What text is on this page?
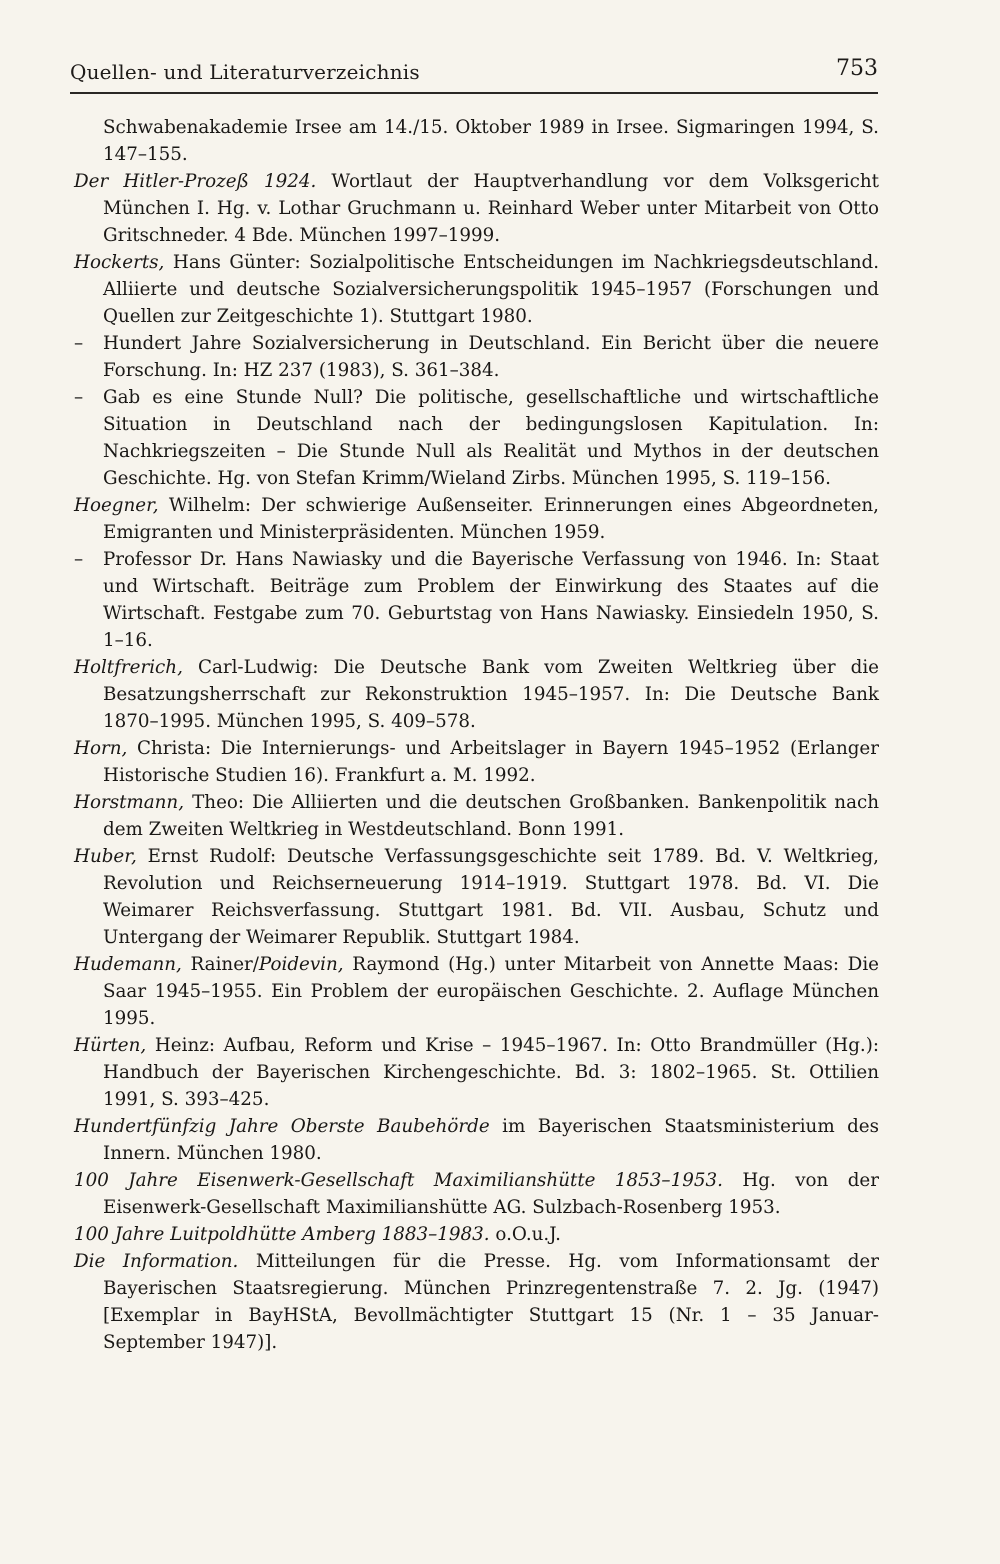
Quellen- und Literaturverzeichnis	753

Schwabenakademie Irsee am 14./15. Oktober 1989 in Irsee. Sigmaringen 1994, S. 147–155.

Der Hitler-Prozeß 1924. Wortlaut der Hauptverhandlung vor dem Volksgericht München I. Hg. v. Lothar Gruchmann u. Reinhard Weber unter Mitarbeit von Otto Gritschneder. 4 Bde. München 1997–1999.

Hockerts, Hans Günter: Sozialpolitische Entscheidungen im Nachkriegsdeutschland. Alliierte und deutsche Sozialversicherungspolitik 1945–1957 (Forschungen und Quellen zur Zeitgeschichte 1). Stuttgart 1980.

– Hundert Jahre Sozialversicherung in Deutschland. Ein Bericht über die neuere Forschung. In: HZ 237 (1983), S. 361–384.

– Gab es eine Stunde Null? Die politische, gesellschaftliche und wirtschaftliche Situation in Deutschland nach der bedingungslosen Kapitulation. In: Nachkriegszeiten – Die Stunde Null als Realität und Mythos in der deutschen Geschichte. Hg. von Stefan Krimm/Wieland Zirbs. München 1995, S. 119–156.

Hoegner, Wilhelm: Der schwierige Außenseiter. Erinnerungen eines Abgeordneten, Emigranten und Ministerpräsidenten. München 1959.

– Professor Dr. Hans Nawiasky und die Bayerische Verfassung von 1946. In: Staat und Wirtschaft. Beiträge zum Problem der Einwirkung des Staates auf die Wirtschaft. Festgabe zum 70. Geburtstag von Hans Nawiasky. Einsiedeln 1950, S. 1–16.

Holtfrerich, Carl-Ludwig: Die Deutsche Bank vom Zweiten Weltkrieg über die Besatzungsherrschaft zur Rekonstruktion 1945–1957. In: Die Deutsche Bank 1870–1995. München 1995, S. 409–578.

Horn, Christa: Die Internierungs- und Arbeitslager in Bayern 1945–1952 (Erlanger Historische Studien 16). Frankfurt a. M. 1992.

Horstmann, Theo: Die Alliierten und die deutschen Großbanken. Bankenpolitik nach dem Zweiten Weltkrieg in Westdeutschland. Bonn 1991.

Huber, Ernst Rudolf: Deutsche Verfassungsgeschichte seit 1789. Bd. V. Weltkrieg, Revolution und Reichserneuerung 1914–1919. Stuttgart 1978. Bd. VI. Die Weimarer Reichsverfassung. Stuttgart 1981. Bd. VII. Ausbau, Schutz und Untergang der Weimarer Republik. Stuttgart 1984.

Hudemann, Rainer/Poidevin, Raymond (Hg.) unter Mitarbeit von Annette Maas: Die Saar 1945–1955. Ein Problem der europäischen Geschichte. 2. Auflage München 1995.

Hürten, Heinz: Aufbau, Reform und Krise – 1945–1967. In: Otto Brandmüller (Hg.): Handbuch der Bayerischen Kirchengeschichte. Bd. 3: 1802–1965. St. Ottilien 1991, S. 393–425.

Hundertfünfzig Jahre Oberste Baubehörde im Bayerischen Staatsministerium des Innern. München 1980.

100 Jahre Eisenwerk-Gesellschaft Maximilianshütte 1853–1953. Hg. von der Eisenwerk-Gesellschaft Maximilianshütte AG. Sulzbach-Rosenberg 1953.

100 Jahre Luitpoldhütte Amberg 1883–1983. o.O.u.J.

Die Information. Mitteilungen für die Presse. Hg. vom Informationsamt der Bayerischen Staatsregierung. München Prinzregentenstraße 7. 2. Jg. (1947) [Exemplar in BayHStA, Bevollmächtigter Stuttgart 15 (Nr. 1 – 35 Januar-September 1947)].
